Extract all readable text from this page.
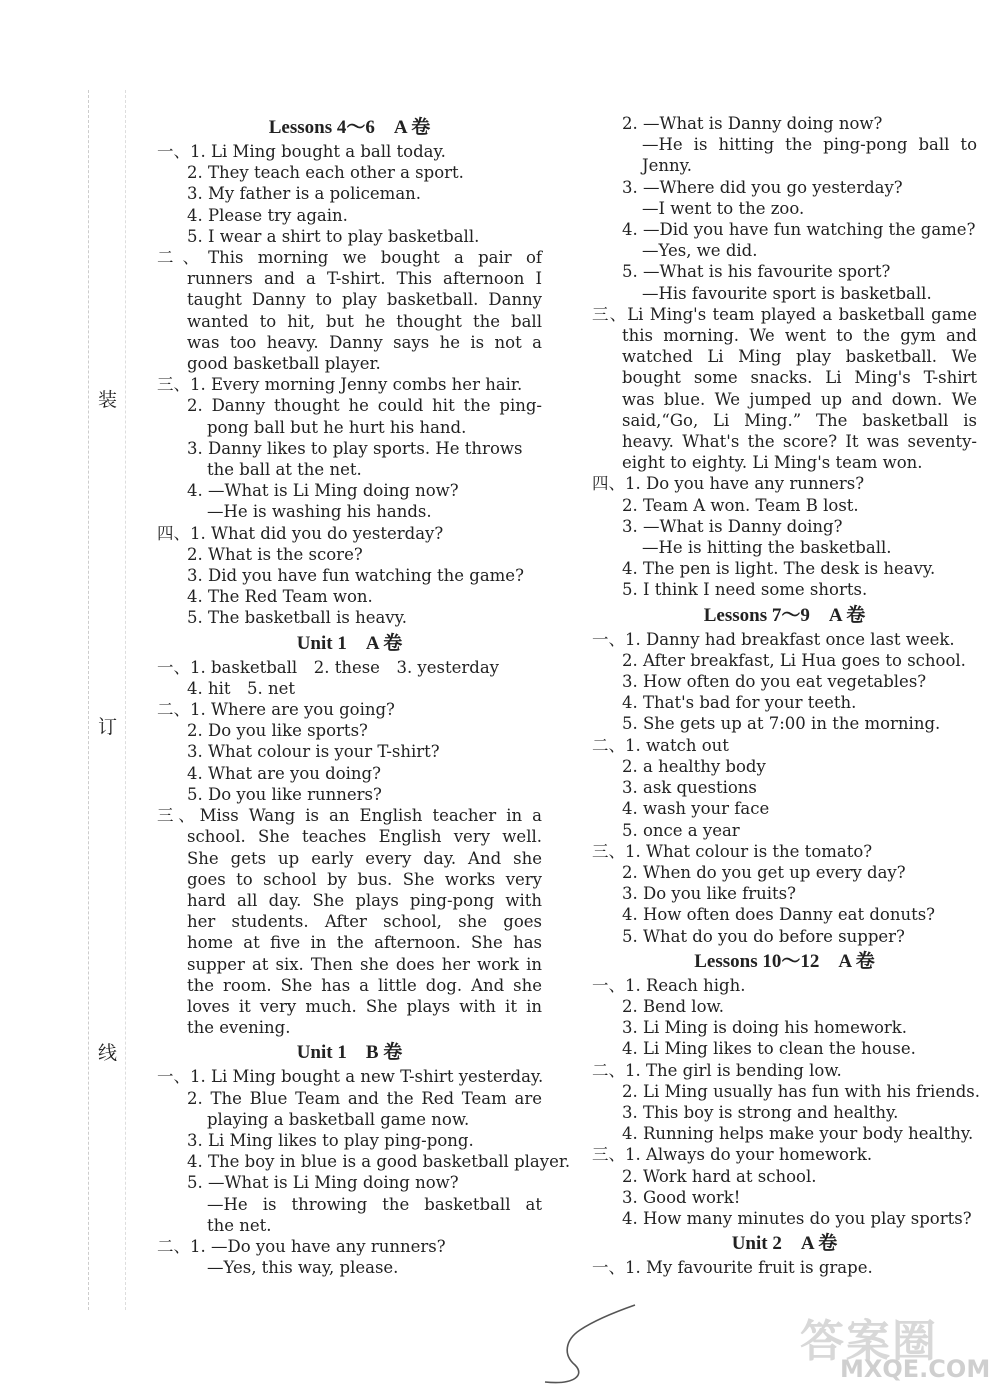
装
订
线
Lessons 4～6　A 卷
一、1. Li Ming bought a ball today.
2. They teach each other a sport.
3. My father is a policeman.
4. Please try again.
5. I wear a shirt to play basketball.
二、This morning we bought a pair of
runners and a T-shirt. This afternoon I
taught Danny to play basketball. Danny
wanted to hit, but he thought the ball
was too heavy. Danny says he is not a
good basketball player.
三、1. Every morning Jenny combs her hair.
2. Danny thought he could hit the ping-
pong ball but he hurt his hand.
3. Danny likes to play sports. He throws
the ball at the net.
4. —What is Li Ming doing now?
—He is washing his hands.
四、1. What did you do yesterday?
2. What is the score?
3. Did you have fun watching the game?
4. The Red Team won.
5. The basketball is heavy.
Unit 1　A 卷
一、1. basketball　2. these　3. yesterday
4. hit　5. net
二、1. Where are you going?
2. Do you like sports?
3. What colour is your T-shirt?
4. What are you doing?
5. Do you like runners?
三、Miss Wang is an English teacher in a
school. She teaches English very well.
She gets up early every day. And she
goes to school by bus. She works very
hard all day. She plays ping-pong with
her students. After school, she goes
home at five in the afternoon. She has
supper at six. Then she does her work in
the room. She has a little dog. And she
loves it very much. She plays with it in
the evening.
Unit 1　B 卷
一、1. Li Ming bought a new T-shirt yesterday.
2. The Blue Team and the Red Team are
playing a basketball game now.
3. Li Ming likes to play ping-pong.
4. The boy in blue is a good basketball player.
5. —What is Li Ming doing now?
—He is throwing the basketball at
the net.
二、1. —Do you have any runners?
—Yes, this way, please.
2. —What is Danny doing now?
—He is hitting the ping-pong ball to
Jenny.
3. —Where did you go yesterday?
—I went to the zoo.
4. —Did you have fun watching the game?
—Yes, we did.
5. —What is his favourite sport?
—His favourite sport is basketball.
三、Li Ming's team played a basketball game
this morning. We went to the gym and
watched Li Ming play basketball. We
bought some snacks. Li Ming's T-shirt
was blue. We jumped up and down. We
said,“Go, Li Ming.” The basketball is
heavy. What's the score? It was seventy-
eight to eighty. Li Ming's team won.
四、1. Do you have any runners?
2. Team A won. Team B lost.
3. —What is Danny doing?
—He is hitting the basketball.
4. The pen is light. The desk is heavy.
5. I think I need some shorts.
Lessons 7～9　A 卷
一、1. Danny had breakfast once last week.
2. After breakfast, Li Hua goes to school.
3. How often do you eat vegetables?
4. That's bad for your teeth.
5. She gets up at 7:00 in the morning.
二、1. watch out
2. a healthy body
3. ask questions
4. wash your face
5. once a year
三、1. What colour is the tomato?
2. When do you get up every day?
3. Do you like fruits?
4. How often does Danny eat donuts?
5. What do you do before supper?
Lessons 10～12　A 卷
一、1. Reach high.
2. Bend low.
3. Li Ming is doing his homework.
4. Li Ming likes to clean the house.
二、1. The girl is bending low.
2. Li Ming usually has fun with his friends.
3. This boy is strong and healthy.
4. Running helps make your body healthy.
三、1. Always do your homework.
2. Work hard at school.
3. Good work!
4. How many minutes do you play sports?
Unit 2　A 卷
一、1. My favourite fruit is grape.
答案圈
MXQE.COM
